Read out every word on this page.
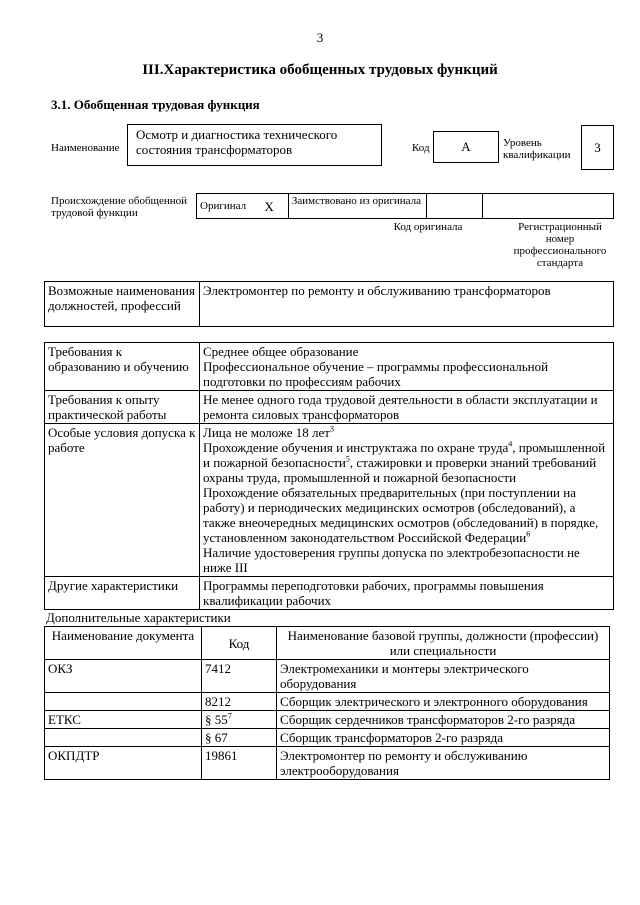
3
III.Характеристика обобщенных трудовых функций
3.1. Обобщенная трудовая функция
Наименование
Осмотр и диагностика технического состояния трансформаторов	Код	A	Уровень квалификации	3
Происхождение обобщенной трудовой функции
Оригинал	X	Заимствовано из оригинала		
Код оригинала	Регистрационный номер профессионального стандарта
Возможные наименования должностей, профессий	Электромонтер по ремонту и обслуживанию трансформаторов
Требования к образованию и обучению	Среднее общее образование
Профессиональное обучение – программы профессиональной подготовки по профессиям рабочих

Требования к опыту практической работы	Не менее одного года трудовой деятельности в области эксплуатации и ремонта силовых трансформаторов
Особые условия допуска к работе	Лица не моложе 18 лет$^3$
Прохождение обучения и инструктажа по охране труда$^4$, промышленной и пожарной безопасности$^5$, стажировки и проверки знаний требований охраны труда, промышленной и пожарной безопасности
Прохождение обязательных предварительных (при поступлении на работу) и периодических медицинских осмотров (обследований), а также внеочередных медицинских осмотров (обследований) в порядке, установленном законодательством Российской Федерации$^6$
Наличие удостоверения группы допуска по электробезопасности не ниже III

Другие характеристики	Программы переподготовки рабочих, программы повышения квалификации рабочих
Дополнительные характеристики
Наименование документа	Код	Наименование базовой группы, должности (профессии) или специальности
ОКЗ	7412	Электромеханики и монтеры электрического оборудования
	8212	Сборщик электрического и электронного оборудования
ЕТКС	§ $55^7$	Сборщик сердечников трансформаторов 2-го разряда
	§ 67	Сборщик трансформаторов 2-го разряда
ОКПДТР	19861	Электромонтер по ремонту и обслуживанию электрооборудования
